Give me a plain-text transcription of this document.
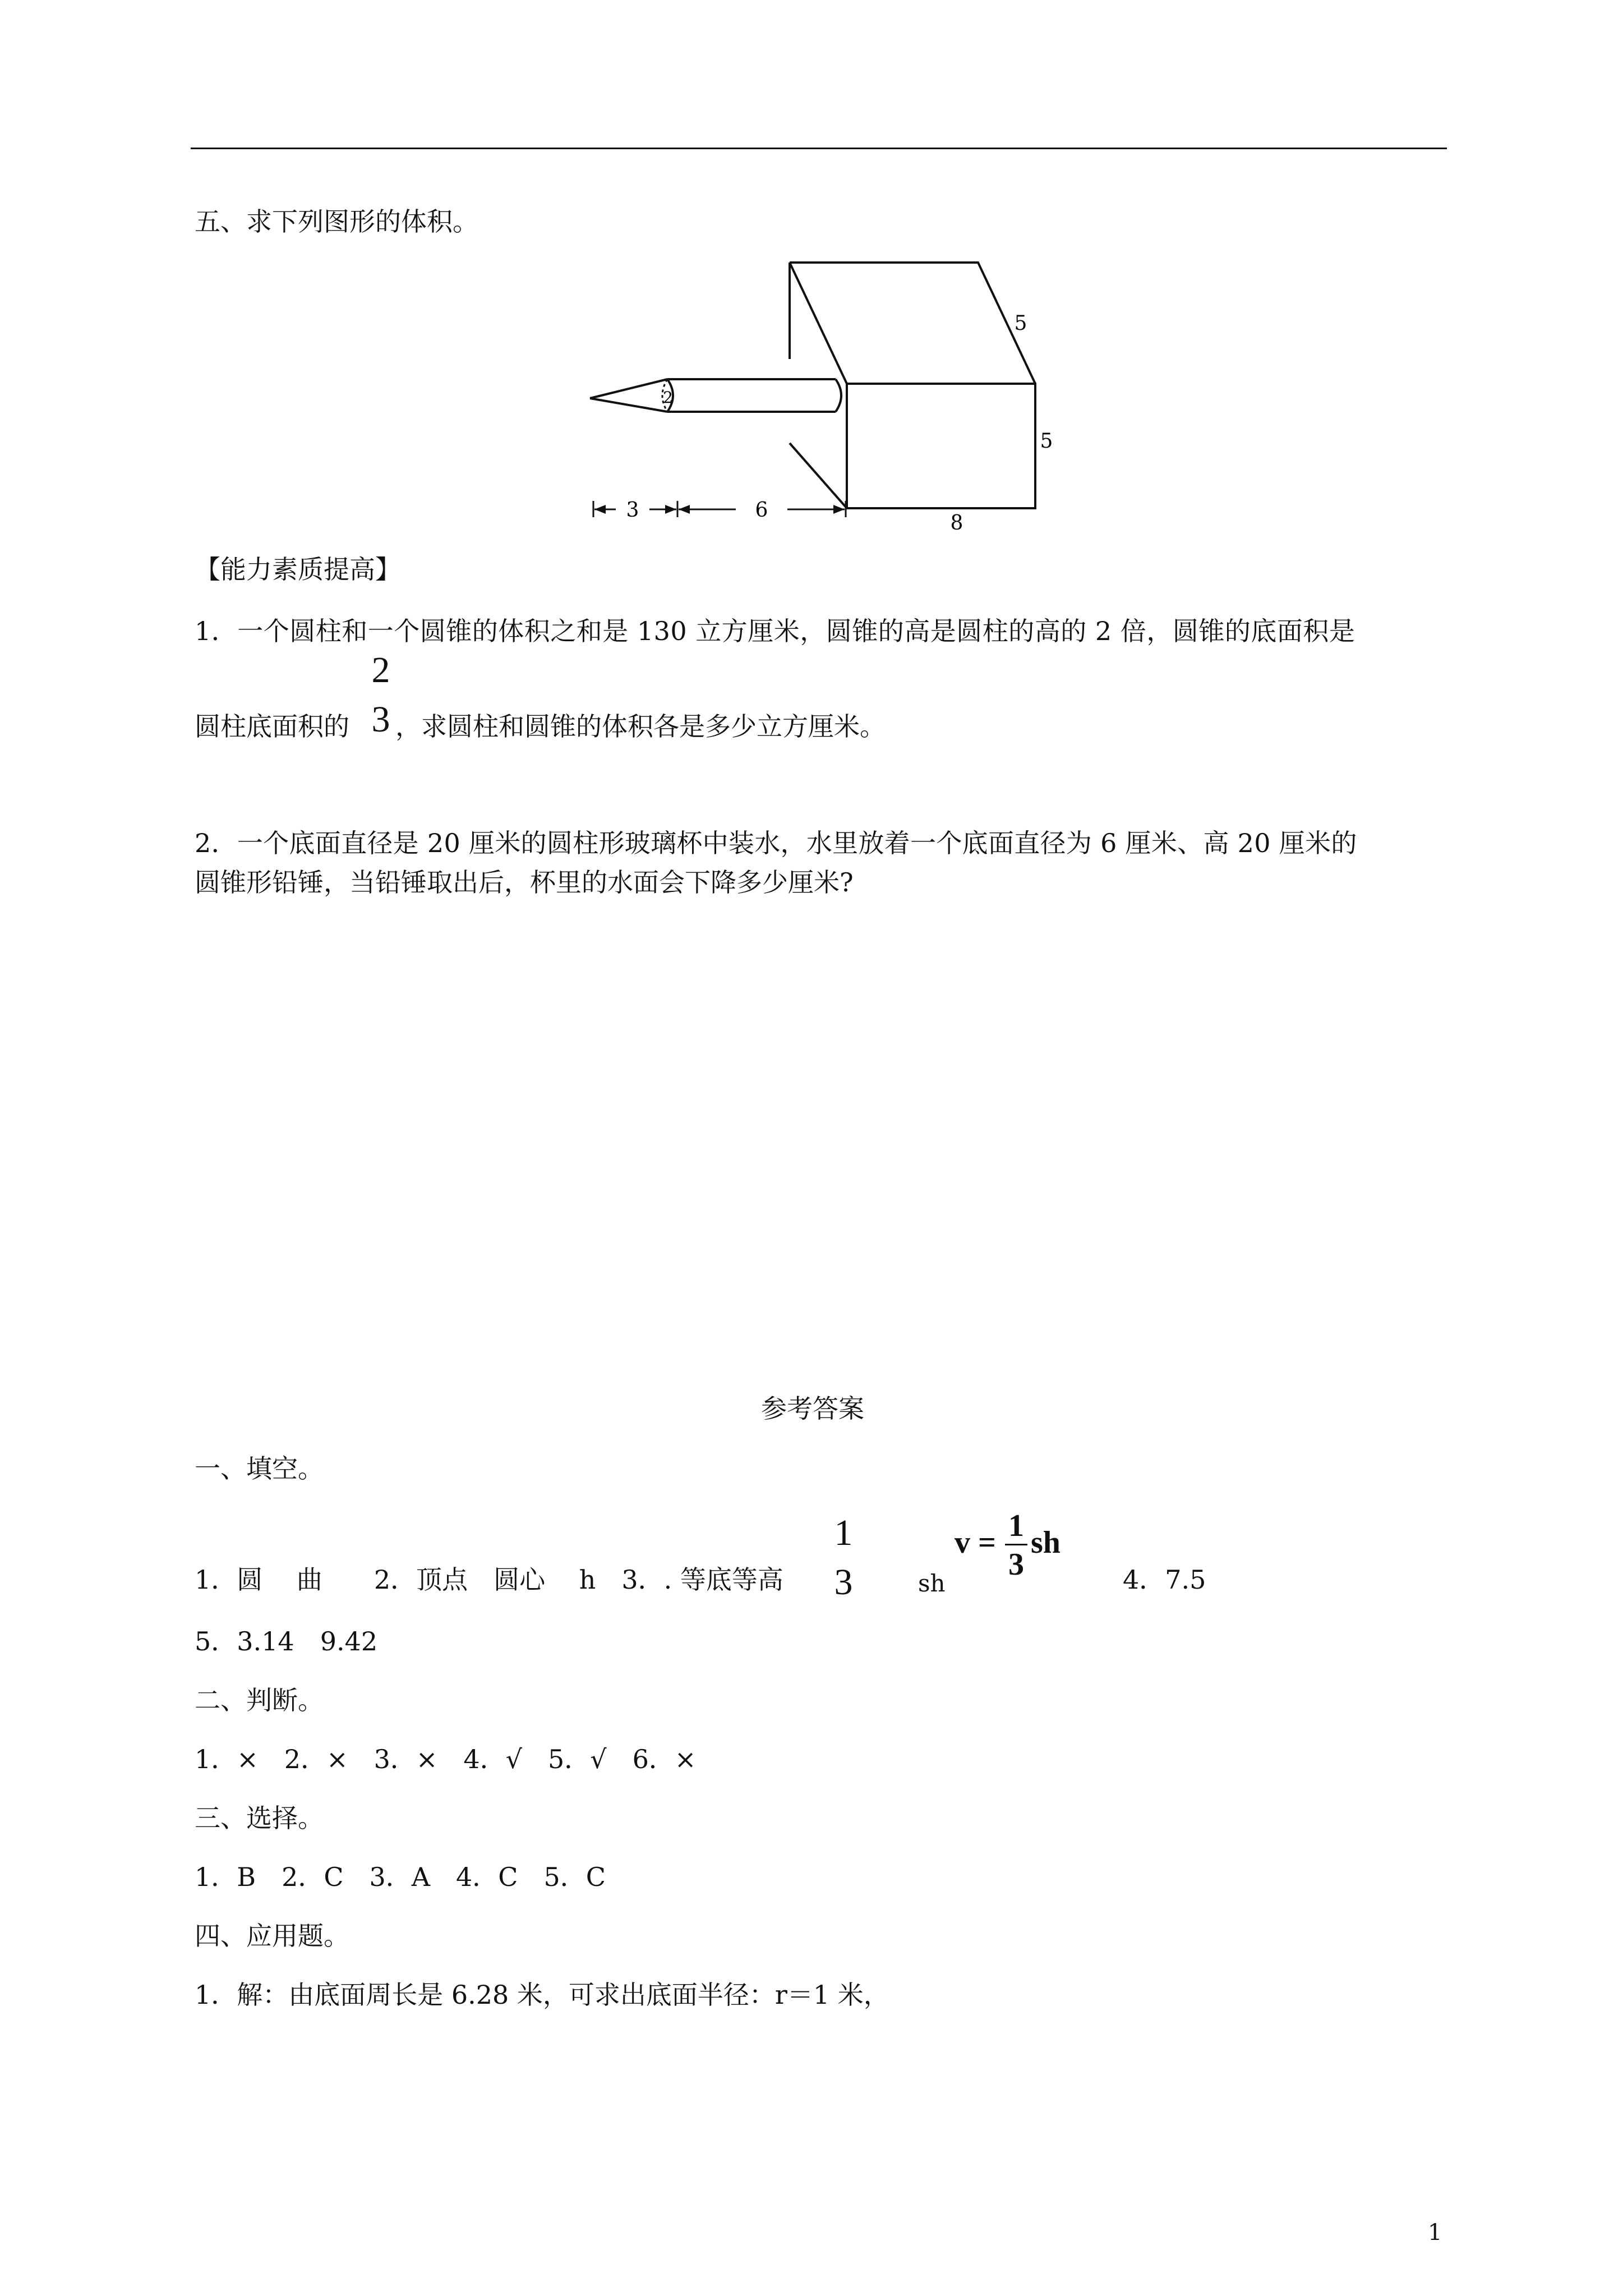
五、求下列图形的体积。
2
5
5
8
3	6
【能力素质提高】
1．一个圆柱和一个圆锥的体积之和是 130 立方厘米，圆锥的高是圆柱的高的 2 倍，圆锥的底面积是
圆柱底面积的
23 ，求圆柱和圆锥的体积各是多少立方厘米。
2．一个底面直径是 20 厘米的圆柱形玻璃杯中装水，水里放着一个底面直径为 6 厘米、高 20 厘米的
圆锥形铅锤，当铅锤取出后，杯里的水面会下降多少厘米?
参考答案
一、填空。
1．圆　 曲　　2．顶点　圆心　 h　3．. 等底等高
13	sh
v = 1
3
sh
4．7.5
5．3.14　9.42
二、判断。
1．×　2．×　3．×　4．√　5．√　6．×
三、选择。
1．B　2．C　3．A　4．C　5．C
四、应用题。
1．解：由底面周长是 6.28 米，可求出底面半径：r＝1 米，
1
